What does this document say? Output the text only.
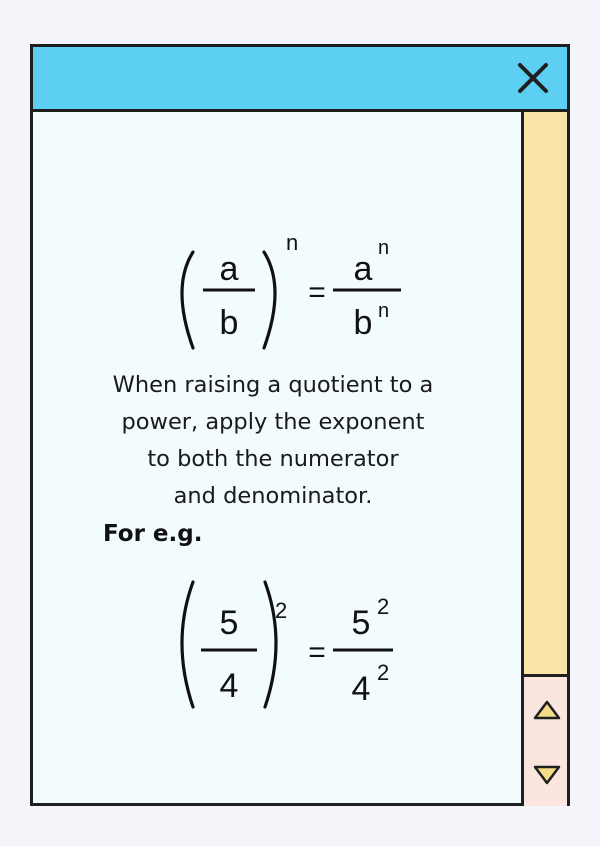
a
b
n
=
a
n
b n
When raising a quotient to a
power, apply the exponent
to both the numerator
and denominator.
For e.g.
5
4
2
=
5 2
4 2
